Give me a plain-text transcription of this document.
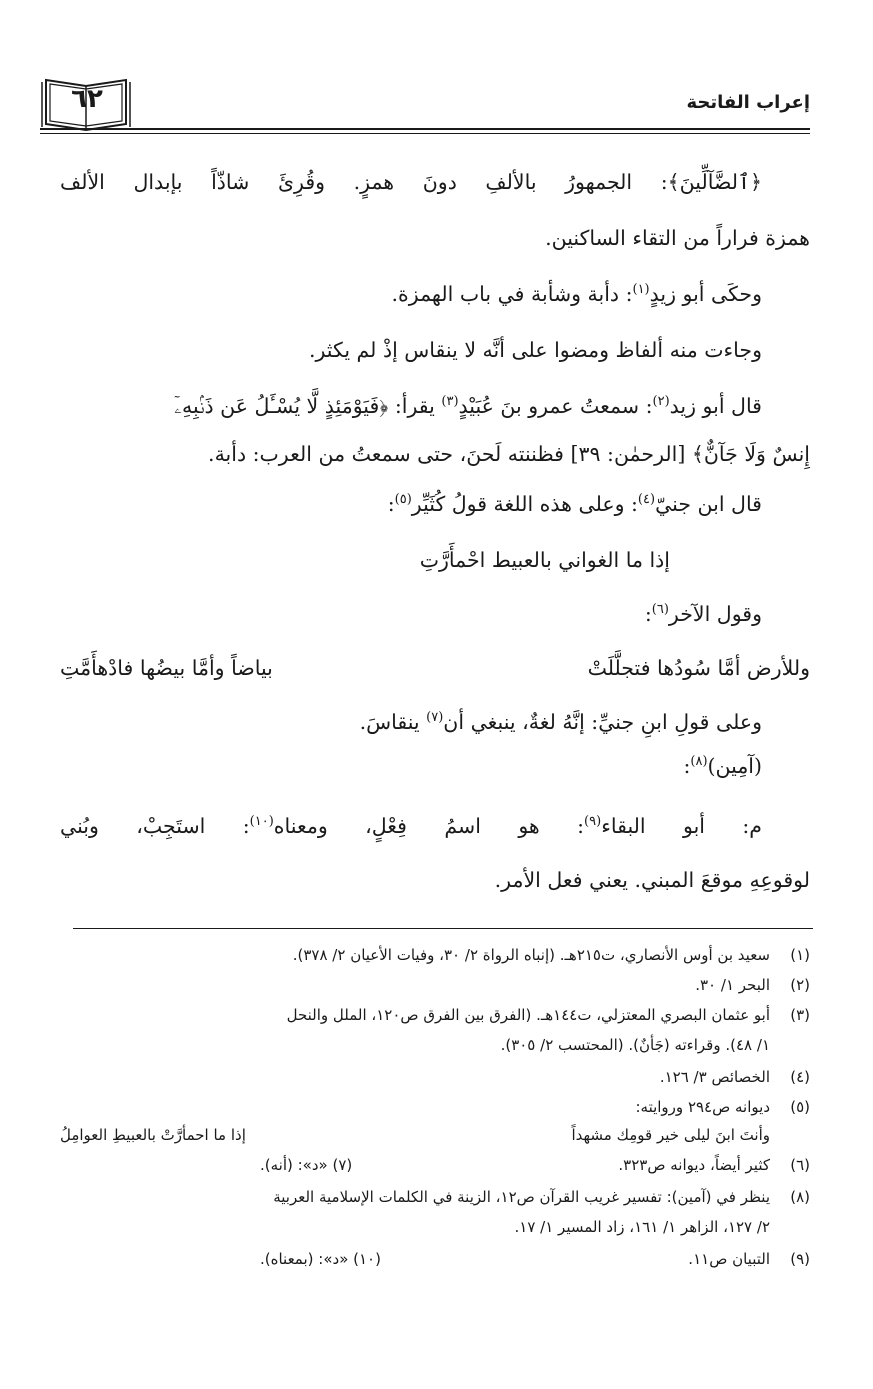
إعراب الفاتحة
٦٢
﴿ٱلضَّآلِّينَ﴾: الجمهورُ بالألفِ دونَ همزٍ. وقُرِئَ شاذّاً بإبدال الألف
همزة فراراً من التقاء الساكنين.
وحكَى أبو زيدٍ$^{(١)}$: دأبة وشأبة في باب الهمزة.
وجاءت منه ألفاظ ومضوا على أنَّه لا ينقاس إذْ لم يكثر.
قال أبو زيد$^{(٢)}$: سمعتُ عمرو بنَ عُبَيْدٍ$^{(٣)}$ يقرأ: ﴿فَيَوْمَئِذٍ لَّا يُسْـَٔلُ عَن ذَنۢبِهِۦٓ
إِنسٌ وَلَا جَآنٌّ﴾ [الرحمٰن: ٣٩] فظننته لَحنَ، حتى سمعتُ من العرب: دأبة.
قال ابن جنيّ$^{(٤)}$: وعلى هذه اللغة قولُ كُثَيِّر$^{(٥)}$:
إذا ما الغواني بالعبيط احْمأَرَّتِ
وقول الآخر$^{(٦)}$:
وللأرض أمَّا سُودُها فتجلَّلَتْ
بياضاً وأمَّا بيضُها فادْهأَمَّتِ
وعلى قولِ ابنِ جنيِّ: إنَّهُ لغةٌ، ينبغي أن$^{(٧)}$ ينقاسَ.
(آمِين)$^{(٨)}$:
م: أبو البقاء$^{(٩)}$: هو اسمُ فِعْلٍ، ومعناه$^{(١٠)}$: استَجِبْ، وبُني
لوقوعِهِ موقعَ المبني. يعني فعل الأمر.
(١)سعيد بن أوس الأنصاري، ت٢١٥هـ. (إنباه الرواة ٢/ ٣٠، وفيات الأعيان ٢/ ٣٧٨).
(٢)البحر ١/ ٣٠.
(٣)أبو عثمان البصري المعتزلي، ت١٤٤هـ. (الفرق بين الفرق ص١٢٠، الملل والنحل
١/ ٤٨). وقراءته (جَأنٌ). (المحتسب ٢/ ٣٠٥).
(٤)الخصائص ٣/ ١٢٦.
(٥)ديوانه ص٢٩٤ وروايته:
وأنتَ ابنَ ليلى خير قومِك مشهداً
إذا ما احمأرَّتْ بالعبيطِ العوامِلُ
(٦)كثير أيضاً، ديوانه ص٣٢٣.
(٧) «د»: (أنه).
(٨)ينظر في (آمين): تفسير غريب القرآن ص١٢، الزينة في الكلمات الإسلامية العربية
٢/ ١٢٧، الزاهر ١/ ١٦١، زاد المسير ١/ ١٧.
(٩)التبيان ص١١.
(١٠) «د»: (بمعناه).
